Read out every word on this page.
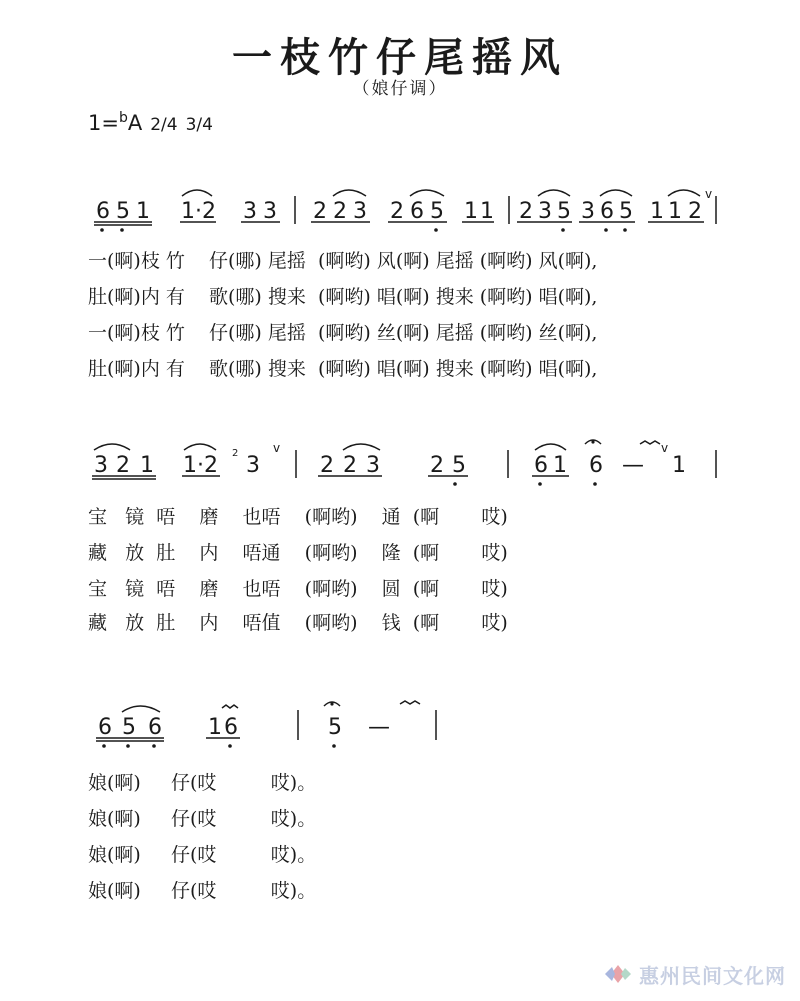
一枝竹仔尾摇风
（娘仔调）
1=$^b$A 2/4 3/4
6 5 1 1·2 3 3 2 2 3 2 6 5 1 1 2 3 5 3 6 5 1 1 2
v
一(啊)枝 竹    仔(哪) 尾摇  (啊哟) 风(啊) 尾摇 (啊哟) 风(啊),
肚(啊)内 有    歌(哪) 搜来  (啊哟) 唱(啊) 搜来 (啊哟) 唱(啊),
一(啊)枝 竹    仔(哪) 尾摇  (啊哟) 丝(啊) 尾摇 (啊哟) 丝(啊),
肚(啊)内 有    歌(哪) 搜来  (啊哟) 唱(啊) 搜来 (啊哟) 唱(啊),
3 2 1 1·2 2 3
v
2 2 3 2 5	6 1 6 —
v
1
宝   镜  唔    磨    也唔    (啊哟)    通  (啊       哎)
藏   放  肚    内    唔通    (啊哟)    隆  (啊       哎)
宝   镜  唔    磨    也唔    (啊哟)    圆  (啊       哎)
藏   放  肚    内    唔值    (啊哟)    钱  (啊       哎)
6 5 6 1 6	5 —
娘(啊)     仔(哎         哎)。
娘(啊)     仔(哎         哎)。
娘(啊)     仔(哎         哎)。
娘(啊)     仔(哎         哎)。
惠州民间文化网
